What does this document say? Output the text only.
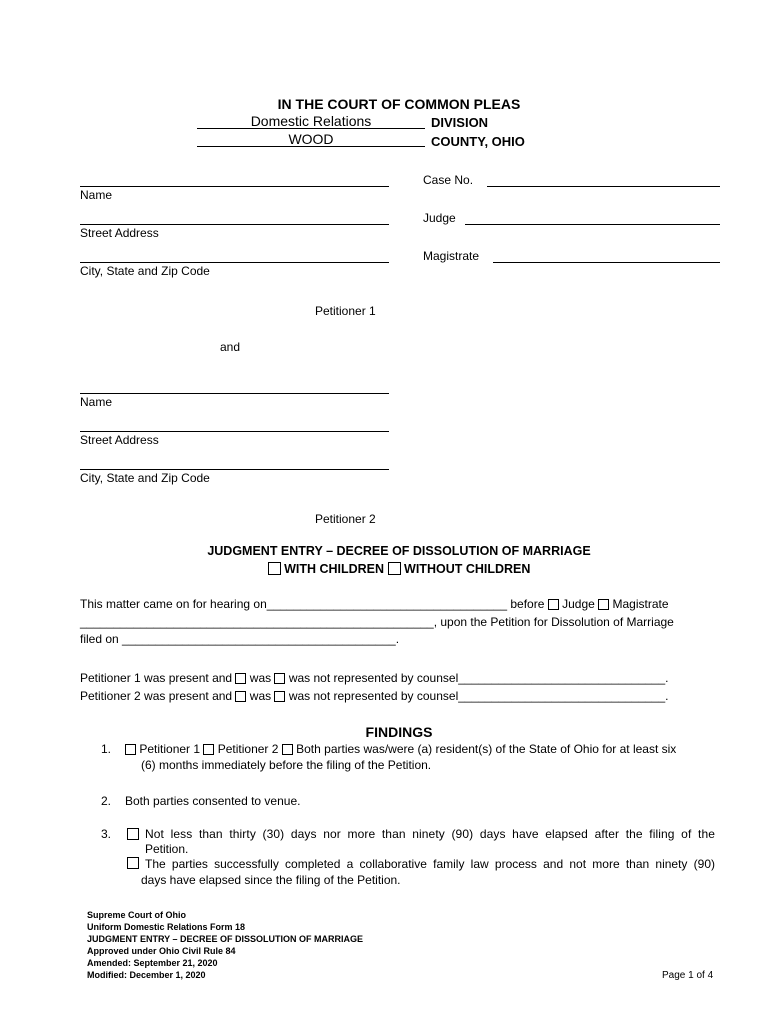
IN THE COURT OF COMMON PLEAS
Domestic Relations	DIVISION
WOOD	COUNTY, OHIO
Case No.
Judge
Magistrate
Name
Street Address
City, State and Zip Code
Petitioner 1
and
Name
Street Address
City, State and Zip Code
Petitioner 2
JUDGMENT ENTRY – DECREE OF DISSOLUTION OF MARRIAGE
WITH CHILDREN WITHOUT CHILDREN
This matter came on for hearing on____________________________________ before Judge Magistrate
_____________________________________________________, upon the Petition for Dissolution of Marriage
filed on _________________________________________.
Petitioner 1 was present and was was not represented by counsel_______________________________.
Petitioner 2 was present and was was not represented by counsel_______________________________.
FINDINGS
1.	Petitioner 1 Petitioner 2 Both parties was/were (a) resident(s) of the State of Ohio for at least six
(6) months immediately before the filing of the Petition.
2. Both parties consented to venue.
3.	Not less than thirty (30) days nor more than ninety (90) days have elapsed after the filing of the
Petition.
The parties successfully completed a collaborative family law process and not more than ninety (90)
days have elapsed since the filing of the Petition.
Supreme Court of Ohio
Uniform Domestic Relations Form 18
JUDGMENT ENTRY – DECREE OF DISSOLUTION OF MARRIAGE
Approved under Ohio Civil Rule 84
Amended: September 21, 2020
Modified: December 1, 2020	Page 1 of 4
